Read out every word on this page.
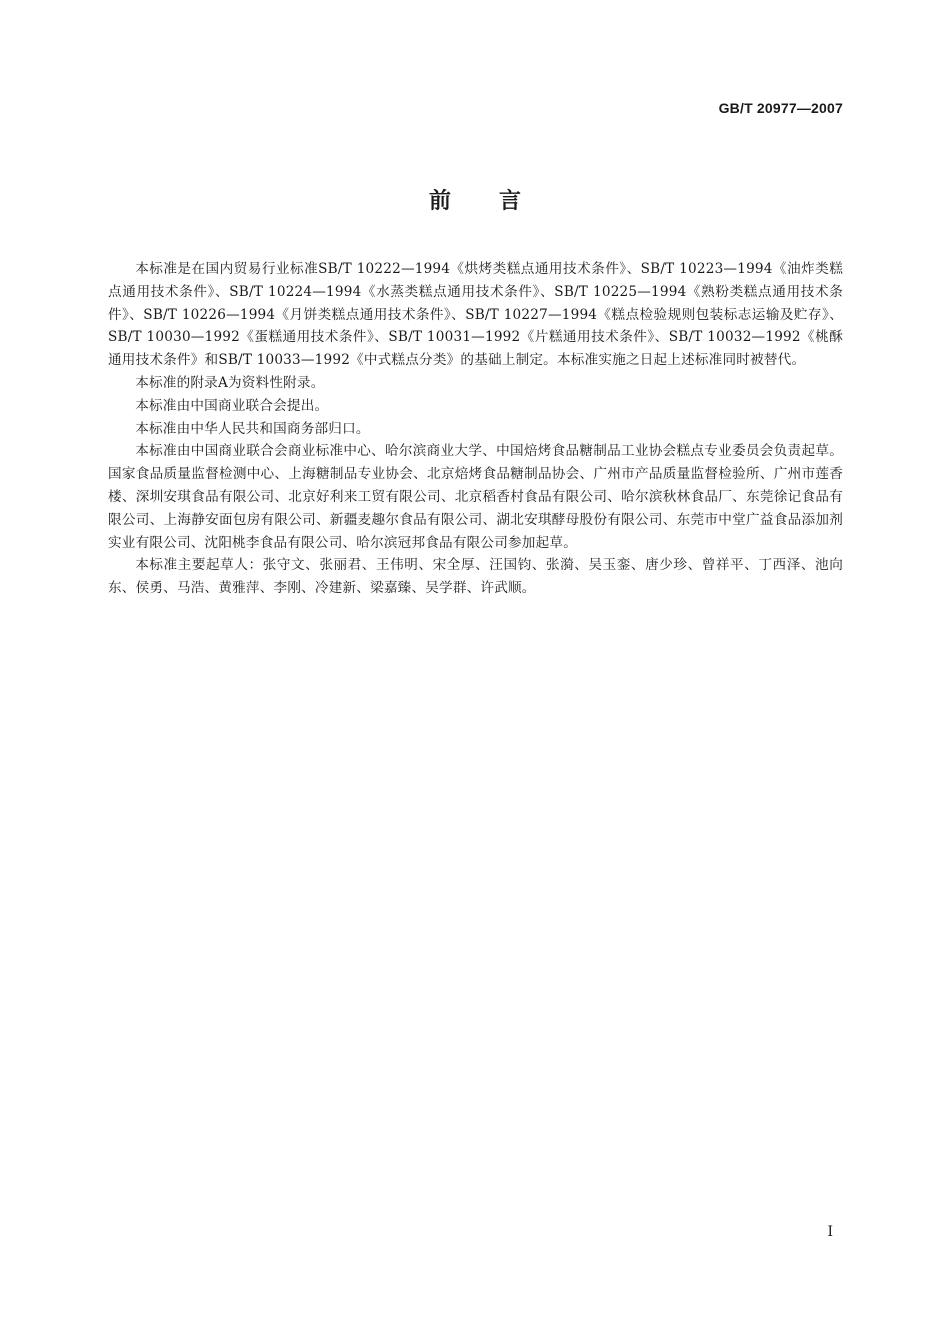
GB/T 20977—2007
前言

本标准是在国内贸易行业标准SB/T 10222—1994《烘烤类糕点通用技术条件》、SB/T 10223—1994《油炸类糕点通用技术条件》、SB/T 10224—1994《水蒸类糕点通用技术条件》、SB/T 10225—1994《熟粉类糕点通用技术条件》、SB/T 10226—1994《月饼类糕点通用技术条件》、SB/T 10227—1994《糕点检验规则包装标志运输及贮存》、SB/T 10030—1992《蛋糕通用技术条件》、SB/T 10031—1992《片糕通用技术条件》、SB/T 10032—1992《桃酥通用技术条件》和SB/T 10033—1992《中式糕点分类》的基础上制定。本标准实施之日起上述标准同时被替代。

本标准的附录A为资料性附录。

本标准由中国商业联合会提出。

本标准由中华人民共和国商务部归口。

本标准由中国商业联合会商业标准中心、哈尔滨商业大学、中国焙烤食品糖制品工业协会糕点专业委员会负责起草。国家食品质量监督检测中心、上海糖制品专业协会、北京焙烤食品糖制品协会、广州市产品质量监督检验所、广州市莲香楼、深圳安琪食品有限公司、北京好利来工贸有限公司、北京稻香村食品有限公司、哈尔滨秋林食品厂、东莞徐记食品有限公司、上海静安面包房有限公司、新疆麦趣尔食品有限公司、湖北安琪酵母股份有限公司、东莞市中堂广益食品添加剂实业有限公司、沈阳桃李食品有限公司、哈尔滨冠邦食品有限公司参加起草。

本标准主要起草人：张守文、张丽君、王伟明、宋全厚、汪国钧、张漪、吴玉銮、唐少珍、曾祥平、丁西泽、池向东、侯勇、马浩、黄雅萍、李刚、冷建新、梁嘉臻、吴学群、许武顺。

I
